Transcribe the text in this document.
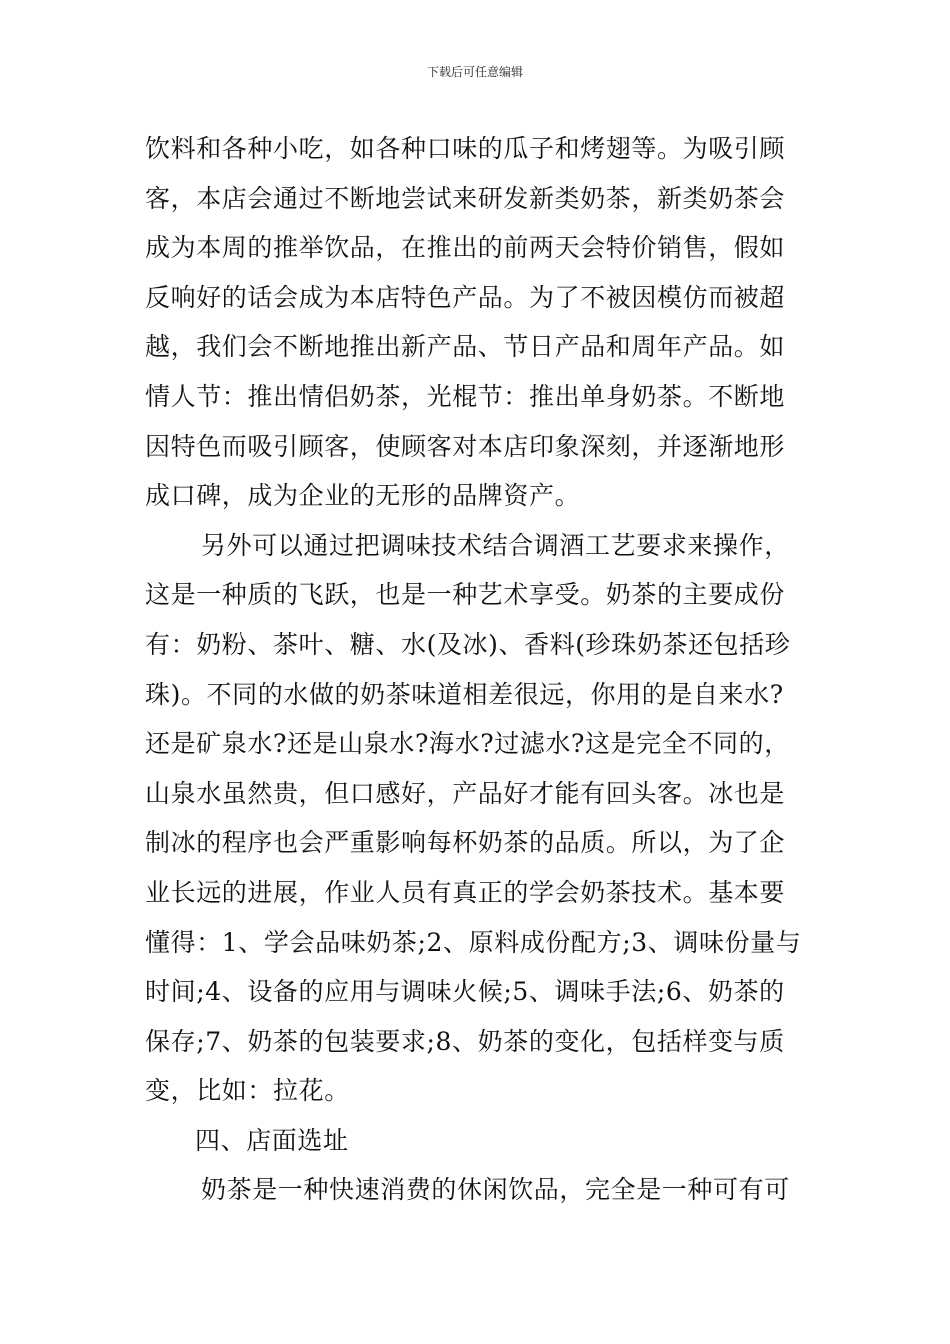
下载后可任意编辑
饮料和各种小吃，如各种口味的瓜子和烤翅等。为吸引顾
客，本店会通过不断地尝试来研发新类奶茶，新类奶茶会
成为本周的推举饮品，在推出的前两天会特价销售，假如
反响好的话会成为本店特色产品。为了不被因模仿而被超
越，我们会不断地推出新产品、节日产品和周年产品。如
情人节：推出情侣奶茶，光棍节：推出单身奶茶。不断地
因特色而吸引顾客，使顾客对本店印象深刻，并逐渐地形
成口碑，成为企业的无形的品牌资产。
另外可以通过把调味技术结合调酒工艺要求来操作，
这是一种质的飞跃，也是一种艺术享受。奶茶的主要成份
有：奶粉、茶叶、糖、水(及冰)、香料(珍珠奶茶还包括珍
珠)。不同的水做的奶茶味道相差很远，你用的是自来水?
还是矿泉水?还是山泉水?海水?过滤水?这是完全不同的，
山泉水虽然贵，但口感好，产品好才能有回头客。冰也是
制冰的程序也会严重影响每杯奶茶的品质。所以，为了企
业长远的进展，作业人员有真正的学会奶茶技术。基本要
懂得：1、学会品味奶茶;2、原料成份配方;3、调味份量与
时间;4、设备的应用与调味火候;5、调味手法;6、奶茶的
保存;7、奶茶的包装要求;8、奶茶的变化，包括样变与质
变，比如：拉花。
四、店面选址
奶茶是一种快速消费的休闲饮品，完全是一种可有可
